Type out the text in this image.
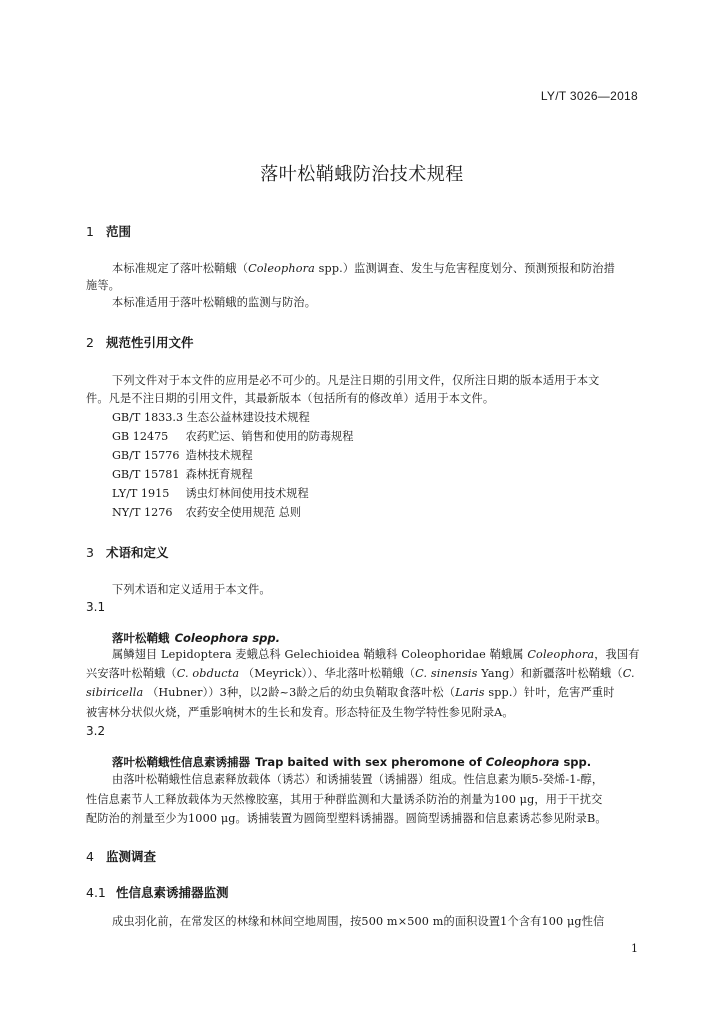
LY/T 3026—2018
落叶松鞘蛾防治技术规程
1 范围
本标准规定了落叶松鞘蛾（Coleophora spp.）监测调查、发生与危害程度划分、预测预报和防治措
施等。
本标准适用于落叶松鞘蛾的监测与防治。
2 规范性引用文件
下列文件对于本文件的应用是必不可少的。凡是注日期的引用文件，仅所注日期的版本适用于本文
件。凡是不注日期的引用文件，其最新版本（包括所有的修改单）适用于本文件。
GB/T 1833.3 生态公益林建设技术规程
GB 12475 农药贮运、销售和使用的防毒规程
GB/T 15776 造林技术规程
GB/T 15781 森林抚育规程
LY/T 1915 诱虫灯林间使用技术规程
NY/T 1276 农药安全使用规范 总则
3 术语和定义
下列术语和定义适用于本文件。
3.1
落叶松鞘蛾 Coleophora spp.
属鳞翅目 Lepidoptera 麦蛾总科 Gelechioidea 鞘蛾科 Coleophoridae 鞘蛾属 Coleophora，我国有
兴安落叶松鞘蛾（C. obducta （Meyrick））、华北落叶松鞘蛾（C. sinensis Yang）和新疆落叶松鞘蛾（C.
sibiricella （Hubner））3种，以2龄~3龄之后的幼虫负鞘取食落叶松（Laris spp.）针叶，危害严重时
被害林分状似火烧，严重影响树木的生长和发育。形态特征及生物学特性参见附录A。
3.2
落叶松鞘蛾性信息素诱捕器 Trap baited with sex pheromone of Coleophora spp.
由落叶松鞘蛾性信息素释放载体（诱芯）和诱捕装置（诱捕器）组成。性信息素为顺5-癸烯-1-醇，
性信息素节人工释放载体为天然橡胶塞，其用于种群监测和大量诱杀防治的剂量为100 μg，用于干扰交
配防治的剂量至少为1000 μg。诱捕装置为圆筒型塑料诱捕器。圆筒型诱捕器和信息素诱芯参见附录B。
4 监测调查
4.1 性信息素诱捕器监测
成虫羽化前，在常发区的林缘和林间空地周围，按500 m×500 m的面积设置1个含有100 μg性信
1
